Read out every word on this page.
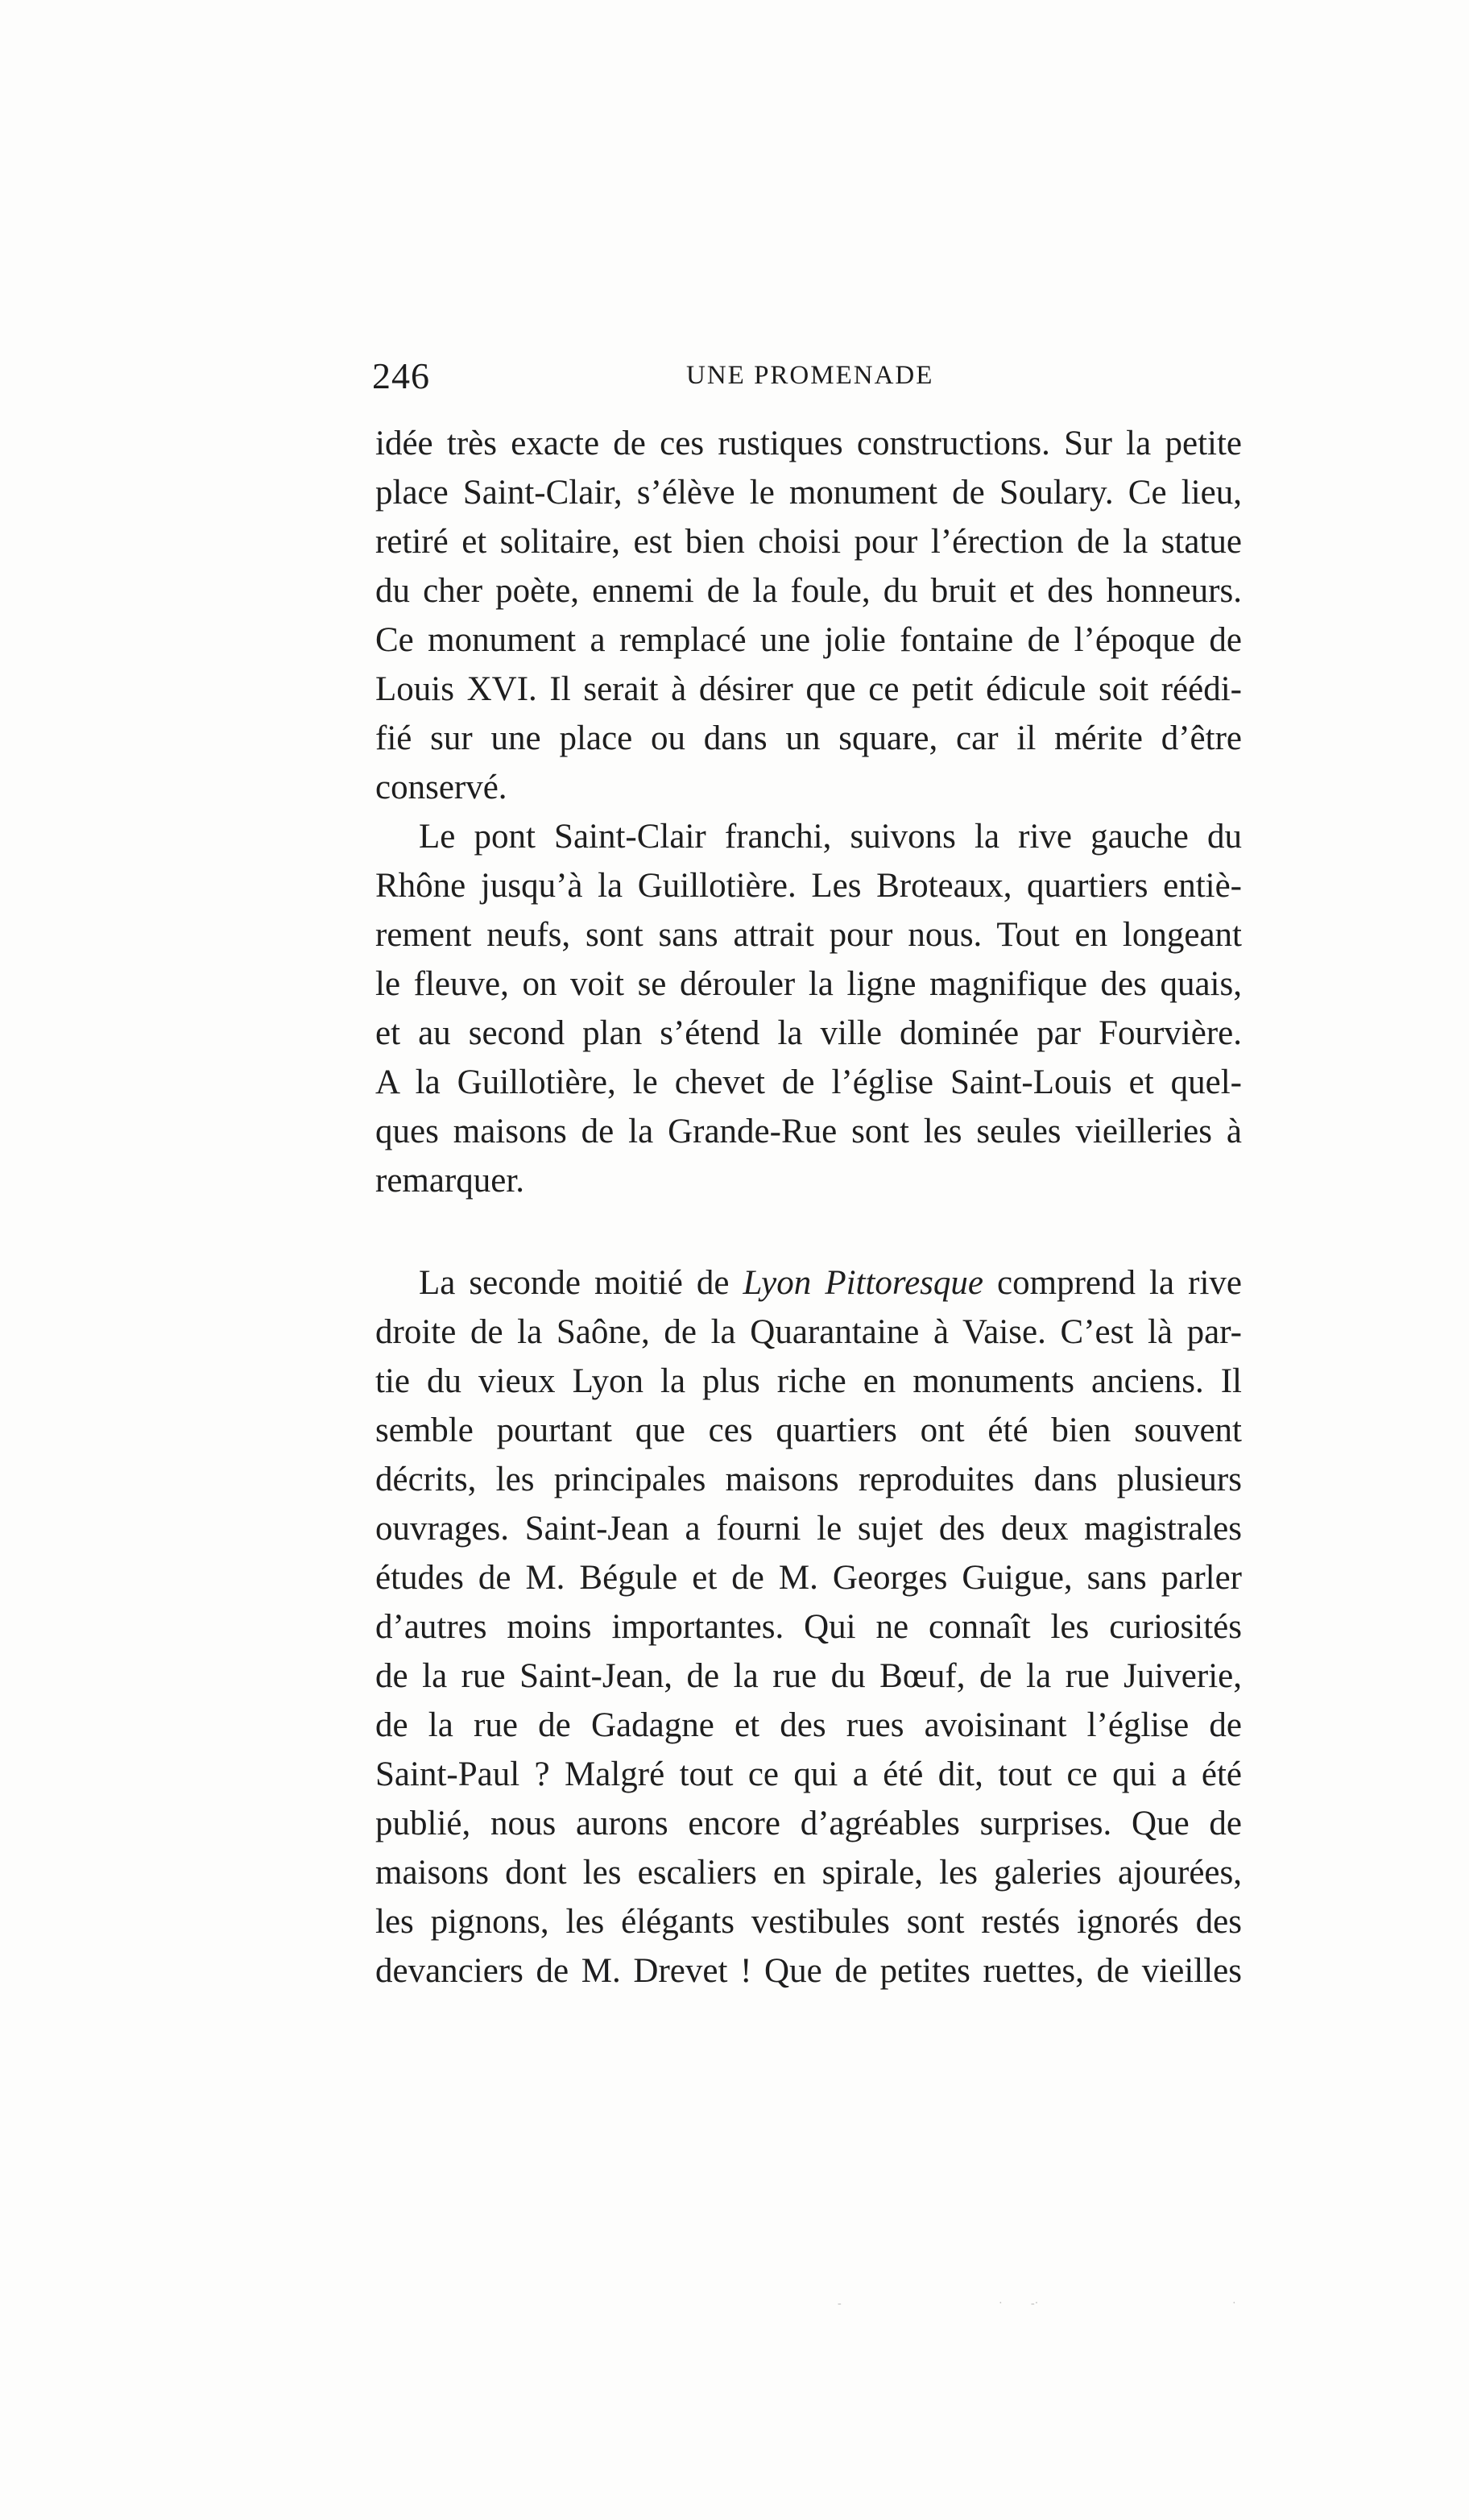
246	UNE PROMENADE
idée très exacte de ces rustiques constructions. Sur la petite
place Saint-Clair, s’élève le monument de Soulary. Ce lieu,
retiré et solitaire, est bien choisi pour l’érection de la statue
du cher poète, ennemi de la foule, du bruit et des honneurs.
Ce monument a remplacé une jolie fontaine de l’époque de
Louis XVI. Il serait à désirer que ce petit édicule soit réédi-
fié sur une place ou dans un square, car il mérite d’être
conservé.
Le pont Saint-Clair franchi, suivons la rive gauche du
Rhône jusqu’à la Guillotière. Les Broteaux, quartiers entiè-
rement neufs, sont sans attrait pour nous. Tout en longeant
le fleuve, on voit se dérouler la ligne magnifique des quais,
et au second plan s’étend la ville dominée par Fourvière.
A la Guillotière, le chevet de l’église Saint-Louis et quel-
ques maisons de la Grande-Rue sont les seules vieilleries à
remarquer.
La seconde moitié de Lyon Pittoresque comprend la rive
droite de la Saône, de la Quarantaine à Vaise. C’est là par-
tie du vieux Lyon la plus riche en monuments anciens. Il
semble pourtant que ces quartiers ont été bien souvent
décrits, les principales maisons reproduites dans plusieurs
ouvrages. Saint-Jean a fourni le sujet des deux magistrales
études de M. Bégule et de M. Georges Guigue, sans parler
d’autres moins importantes. Qui ne connaît les curiosités
de la rue Saint-Jean, de la rue du Bœuf, de la rue Juiverie,
de la rue de Gadagne et des rues avoisinant l’église de
Saint-Paul ? Malgré tout ce qui a été dit, tout ce qui a été
publié, nous aurons encore d’agréables surprises. Que de
maisons dont les escaliers en spirale, les galeries ajourées,
les pignons, les élégants vestibules sont restés ignorés des
devanciers de M. Drevet ! Que de petites ruettes, de vieilles
-	·	-·	·
